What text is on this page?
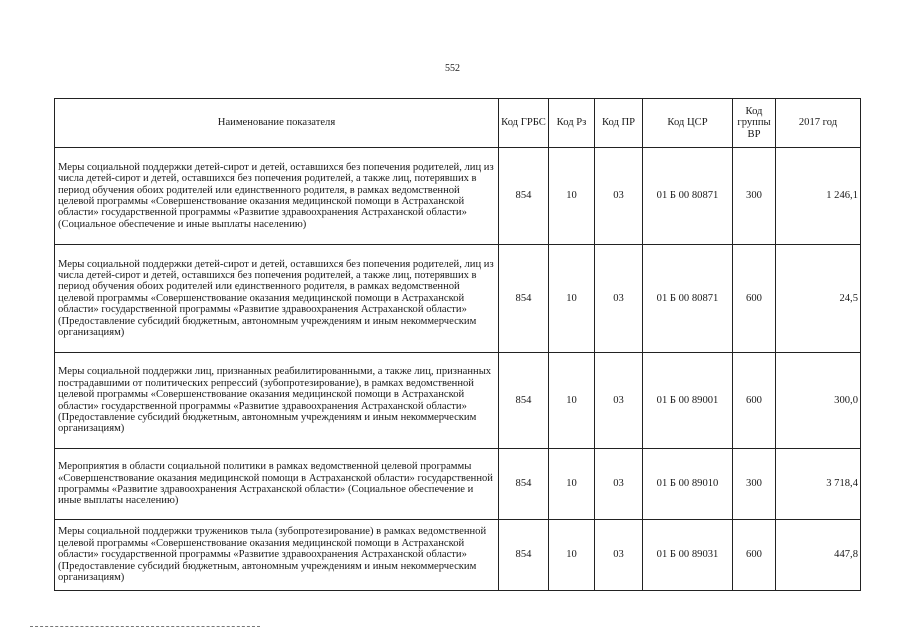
552
Наименование показателя	Код ГРБС	Код Рз	Код ПР	Код ЦСР	Код группы ВР	2017 год
Меры социальной поддержки детей-сирот и детей, оставшихся без попечения родителей, лиц из числа детей-сирот и детей, оставшихся без попечения родителей, а также лиц, потерявших в период обучения обоих родителей или единственного родителя, в рамках ведомственной целевой программы «Совершенствование оказания медицинской помощи в Астраханской области» государственной программы «Развитие здравоохранения Астраханской области» (Социальное обеспечение и иные выплаты населению)	854	10	03	01 Б 00 80871	300	1 246,1
Меры социальной поддержки детей-сирот и детей, оставшихся без попечения родителей, лиц из числа детей-сирот и детей, оставшихся без попечения родителей, а также лиц, потерявших в период обучения обоих родителей или единственного родителя, в рамках ведомственной целевой программы «Совершенствование оказания медицинской помощи в Астраханской области» государственной программы «Развитие здравоохранения Астраханской области» (Предоставление субсидий бюджетным, автономным учреждениям и иным некоммерческим организациям)	854	10	03	01 Б 00 80871	600	24,5
Меры социальной поддержки лиц, признанных реабилитированными, а также лиц, признанных пострадавшими от политических репрессий (зубопротезирование), в рамках ведомственной целевой программы «Совершенствование оказания медицинской помощи в Астраханской области» государственной программы «Развитие здравоохранения Астраханской области» (Предоставление субсидий бюджетным, автономным учреждениям и иным некоммерческим организациям)	854	10	03	01 Б 00 89001	600	300,0
Мероприятия в области социальной политики в рамках ведомственной целевой программы «Совершенствование оказания медицинской помощи в Астраханской области» государственной программы «Развитие здравоохранения Астраханской области» (Социальное обеспечение и иные выплаты населению)	854	10	03	01 Б 00 89010	300	3 718,4
Меры социальной поддержки тружеников тыла (зубопротезирование) в рамках ведомственной целевой программы «Совершенствование оказания медицинской помощи в Астраханской области» государственной программы «Развитие здравоохранения Астраханской области» (Предоставление субсидий бюджетным, автономным учреждениям и иным некоммерческим организациям)	854	10	03	01 Б 00 89031	600	447,8
